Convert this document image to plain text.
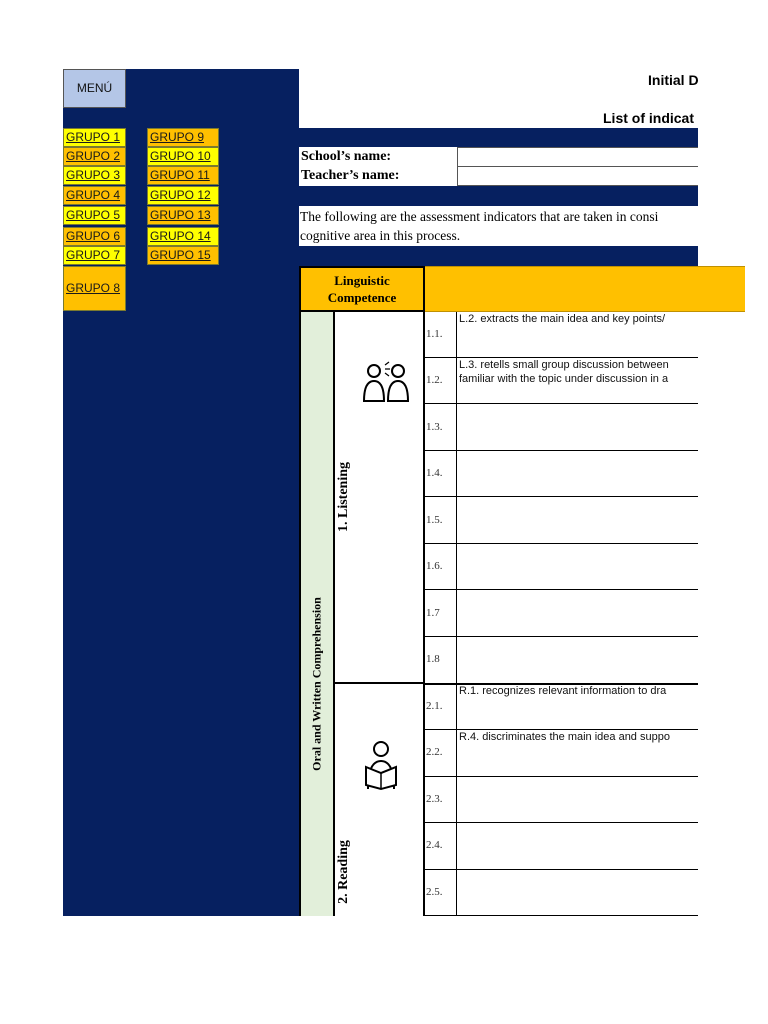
Initial D
List of indicat
MENÚ
GRUPO 1
GRUPO 2
GRUPO 3
GRUPO 4
GRUPO 5
GRUPO 6
GRUPO 7
GRUPO 8
GRUPO 9
GRUPO 10
GRUPO 11
GRUPO 12
GRUPO 13
GRUPO 14
GRUPO 15
School’s name:
Teacher’s name:
The following are the assessment indicators that are taken in consi
cognitive area in this process.
Linguistic Competence
Oral and Written Comprehension
1. Listening
2. Reading
1.1.
L.2. extracts the main idea and key points/
1.2.
L.3. retells small group discussion between
familiar with the topic under discussion in a
1.3.
1.4.
1.5.
1.6.
1.7
1.8
2.1.
R.1. recognizes relevant information to dra
2.2.
R.4. discriminates the main idea and suppo
2.3.
2.4.
2.5.
